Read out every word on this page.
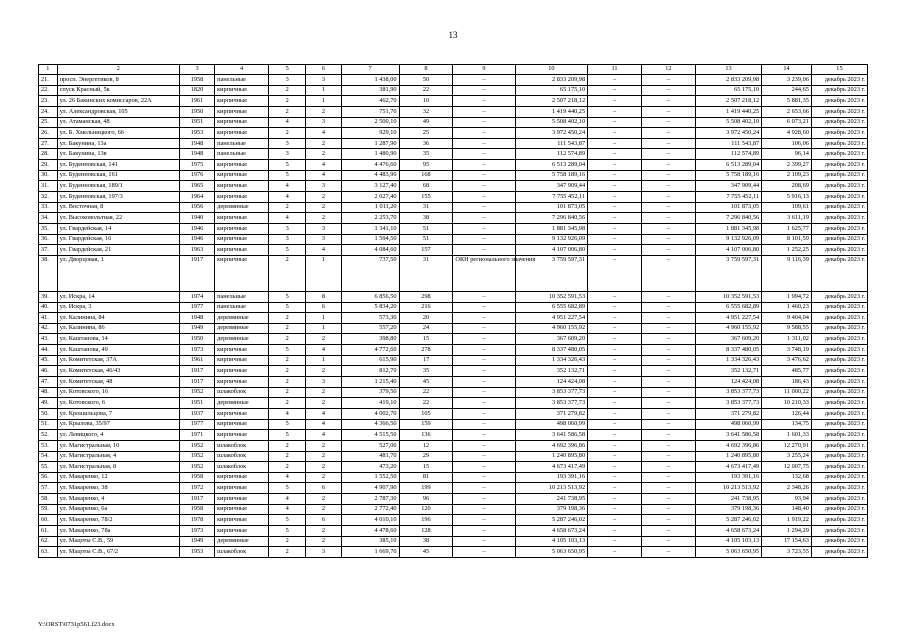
13
1	2	3	4	5	6	7	8	9	10	11	12	13	14	15
21.	просп. Энергетиков, 8	1958	панельные	3	3	1 438,00	50	–	2 833 209,98	–	–	2 833 209,98	3 239,06	декабрь 2023 г.
22.	спуск Красный, 5к	1820	кирпичные	2	1	381,90	22	–	65 175,10	–	–	65 175,10	244,65	декабрь 2023 г.
23.	ул. 26 Бакинских комиссаров, 22А	1961	кирпичные	2	1	462,70	10	–	2 507 218,12	–	–	2 507 218,12	5 881,35	декабрь 2023 г.
24.	ул. Александровская, 105	1950	кирпичные	2	2	751,70	32	–	1 419 440,25	–	–	1 419 440,25	2 653,66	декабрь 2023 г.
25.	ул. Атаманская, 48	1951	кирпичные	4	3	2 500,10	49	–	5 508 402,10	–	–	5 508 402,10	6 073,21	декабрь 2023 г.
26.	ул. Б. Хмельницкого, 66	1953	кирпичные	2	4	929,10	25	–	3 972 450,24	–	–	3 972 450,24	4 928,60	декабрь 2023 г.
27.	ул. Бакунина, 13а	1948	панельные	3	2	1 287,90	36	–	111 543,87	–	–	111 543,87	106,06	декабрь 2023 г.
28.	ул. Бакунина, 13в	1948	панельные	3	2	1 480,90	35	–	112 574,89	–	–	112 574,89	96,14	декабрь 2023 г.
29.	ул. Буденновская, 141	1975	кирпичные	5	4	4 476,60	95	–	6 513 289,04	–	–	6 513 289,04	2 399,27	декабрь 2023 г.
30.	ул. Буденновская, 161	1976	кирпичные	5	4	4 483,90	168	–	5 758 189,16	–	–	5 758 189,16	2 109,23	декабрь 2023 г.
31.	ул. Буденновская, 189/1	1965	кирпичные	4	3	3 127,40	68	–	347 909,44	–	–	347 909,44	208,69	декабрь 2023 г.
32.	ул. Буденновская, 197/3	1964	кирпичные	4	2	2 027,40	155	–	7 755 452,11	–	–	7 755 452,11	5 916,13	декабрь 2023 г.
33.	ул. Восточная, 8	1956	деревянные	2	2	1 011,20	31	–	101 873,05	–	–	101 873,05	109,61	декабрь 2023 г.
34.	ул. Высоковольтная, 22	1940	кирпичные	4	2	2 253,70	38	–	7 296 840,56	–	–	7 296 840,56	3 611,19	декабрь 2023 г.
35.	ул. Гвардейская, 14	1946	кирпичные	3	3	1 341,10	51	–	1 881 345,98	–	–	1 881 345,98	1 625,77	декабрь 2023 г.
36.	ул. Гвардейская, 16	1946	кирпичные	3	3	1 594,50	51	–	9 132 926,09	–	–	9 132 926,09	8 101,59	декабрь 2023 г.
37.	ул. Гвардейская, 21	1963	кирпичные	5	4	4 084,60	157	–	4 107 006,80	–	–	4 107 006,80	1 252,25	декабрь 2023 г.
38.	ул. Дворцовая, 1	1917	кирпичные	2	1	737,50	31	ОКН регионального значения	3 759 597,31	–	–	3 759 597,31	9 116,39	декабрь 2023 г.
39.	ул. Искра, 14	1974	панельные	5	8	6 856,50	298	–	10 352 591,53	–	–	10 352 591,53	1 994,72	декабрь 2023 г.
40.	ул. Искра, 3	1977	панельные	5	6	5 834,20	216	–	6 555 682,89	–	–	6 555 682,89	1 460,23	декабрь 2023 г.
41.	ул. Калинина, 84	1948	деревянные	2	1	573,30	20	–	4 951 227,54	–	–	4 951 227,54	9 404,04	декабрь 2023 г.
42.	ул. Калинина, 86	1949	деревянные	2	1	557,20	24	–	4 960 155,92	–	–	4 960 155,92	9 588,55	декабрь 2023 г.
43.	ул. Каштанова, 14	1950	деревянные	2	2	398,80	15	–	367 609,20	–	–	367 609,20	1 311,02	декабрь 2023 г.
44.	ул. Каштанова, 49	1973	кирпичные	5	4	4 772,60	278	–	8 337 480,05	–	–	8 337 480,05	3 748,19	декабрь 2023 г.
45.	ул. Комитетская, 37А	1961	кирпичные	2	1	615,90	17	–	1 334 326,43	–	–	1 334 326,43	3 476,62	декабрь 2023 г.
46.	ул. Комитетская, 46/43	1917	кирпичные	2	2	812,70	35	–	352 132,71	–	–	352 132,71	485,77	декабрь 2023 г.
47.	ул. Комитетская, 48	1917	кирпичные	2	3	1 215,40	45	–	124 424,08	–	–	124 424,08	186,43	декабрь 2023 г.
48.	ул. Котовского, 16	1952	шлакоблок	2	2	379,50	22	–	3 853 377,73	–	–	3 853 377,73	11 000,22	декабрь 2023 г.
49.	ул. Котовского, 6	1951	деревянные	2	2	419,10	22	–	3 853 377,73	–	–	3 853 377,73	10 210,33	декабрь 2023 г.
50.	ул. Крошильцова, 7	1937	кирпичные	4	4	4 002,70	105	–	371 279,82	–	–	371 279,82	126,44	декабрь 2023 г.
51.	ул. Крылова, 35/97	1977	кирпичные	5	4	4 366,50	159	–	498 060,99	–	–	498 060,99	134,75	декабрь 2023 г.
52.	ул. Левицкого, 4	1971	кирпичные	5	4	4 515,50	136	–	3 641 586,58	–	–	3 641 586,58	1 601,33	декабрь 2023 г.
53.	ул. Магистральная, 10	1952	шлакоблок	2	2	527,00	12	–	4 692 396,86	–	–	4 692 396,86	12 270,91	декабрь 2023 г.
54.	ул. Магистральная, 4	1952	шлакоблок	2	2	481,70	29	–	1 240 895,80	–	–	1 240 895,80	3 255,24	декабрь 2023 г.
55.	ул. Магистральная, 8	1952	шлакоблок	2	2	473,20	15	–	4 673 417,49	–	–	4 673 417,49	12 007,75	декабрь 2023 г.
56.	ул. Макаренко, 12	1958	кирпичные	4	2	1 552,50	81	–	193 391,16	–	–	193 391,16	132,68	декабрь 2023 г.
57.	ул. Макаренко, 38	1972	кирпичные	5	6	4 907,90	199	–	10 213 513,92	–	–	10 213 513,92	2 348,26	декабрь 2023 г.
58.	ул. Макаренко, 4	1917	кирпичные	4	2	2 787,30	96	–	241 738,95	–	–	241 738,95	93,94	декабрь 2023 г.
59.	ул. Макаренко, 6а	1958	кирпичные	4	2	2 772,40	120	–	379 198,36	–	–	379 198,36	148,40	декабрь 2023 г.
60.	ул. Макаренко, 78/2	1978	кирпичные	5	6	4 010,10	196	–	5 287 246,02	–	–	5 287 246,02	1 919,22	декабрь 2023 г.
61.	ул. Макаренко, 78а	1973	кирпичные	5	2	4 478,60	128	–	4 658 673,24	–	–	4 658 673,24	1 294,29	декабрь 2023 г.
62.	ул. Мацоты С.В., 59	1949	деревянные	2	2	385,10	38	–	4 105 103,13	–	–	4 105 103,13	17 154,63	декабрь 2023 г.
63.	ул. Мацоты С.В., 67/2	1953	шлакоблок	2	3	1 669,70	45	–	5 063 650,95	–	–	5 063 650,95	3 723,55	декабрь 2023 г.
Y:\ORST\0731p561.f23.docx
